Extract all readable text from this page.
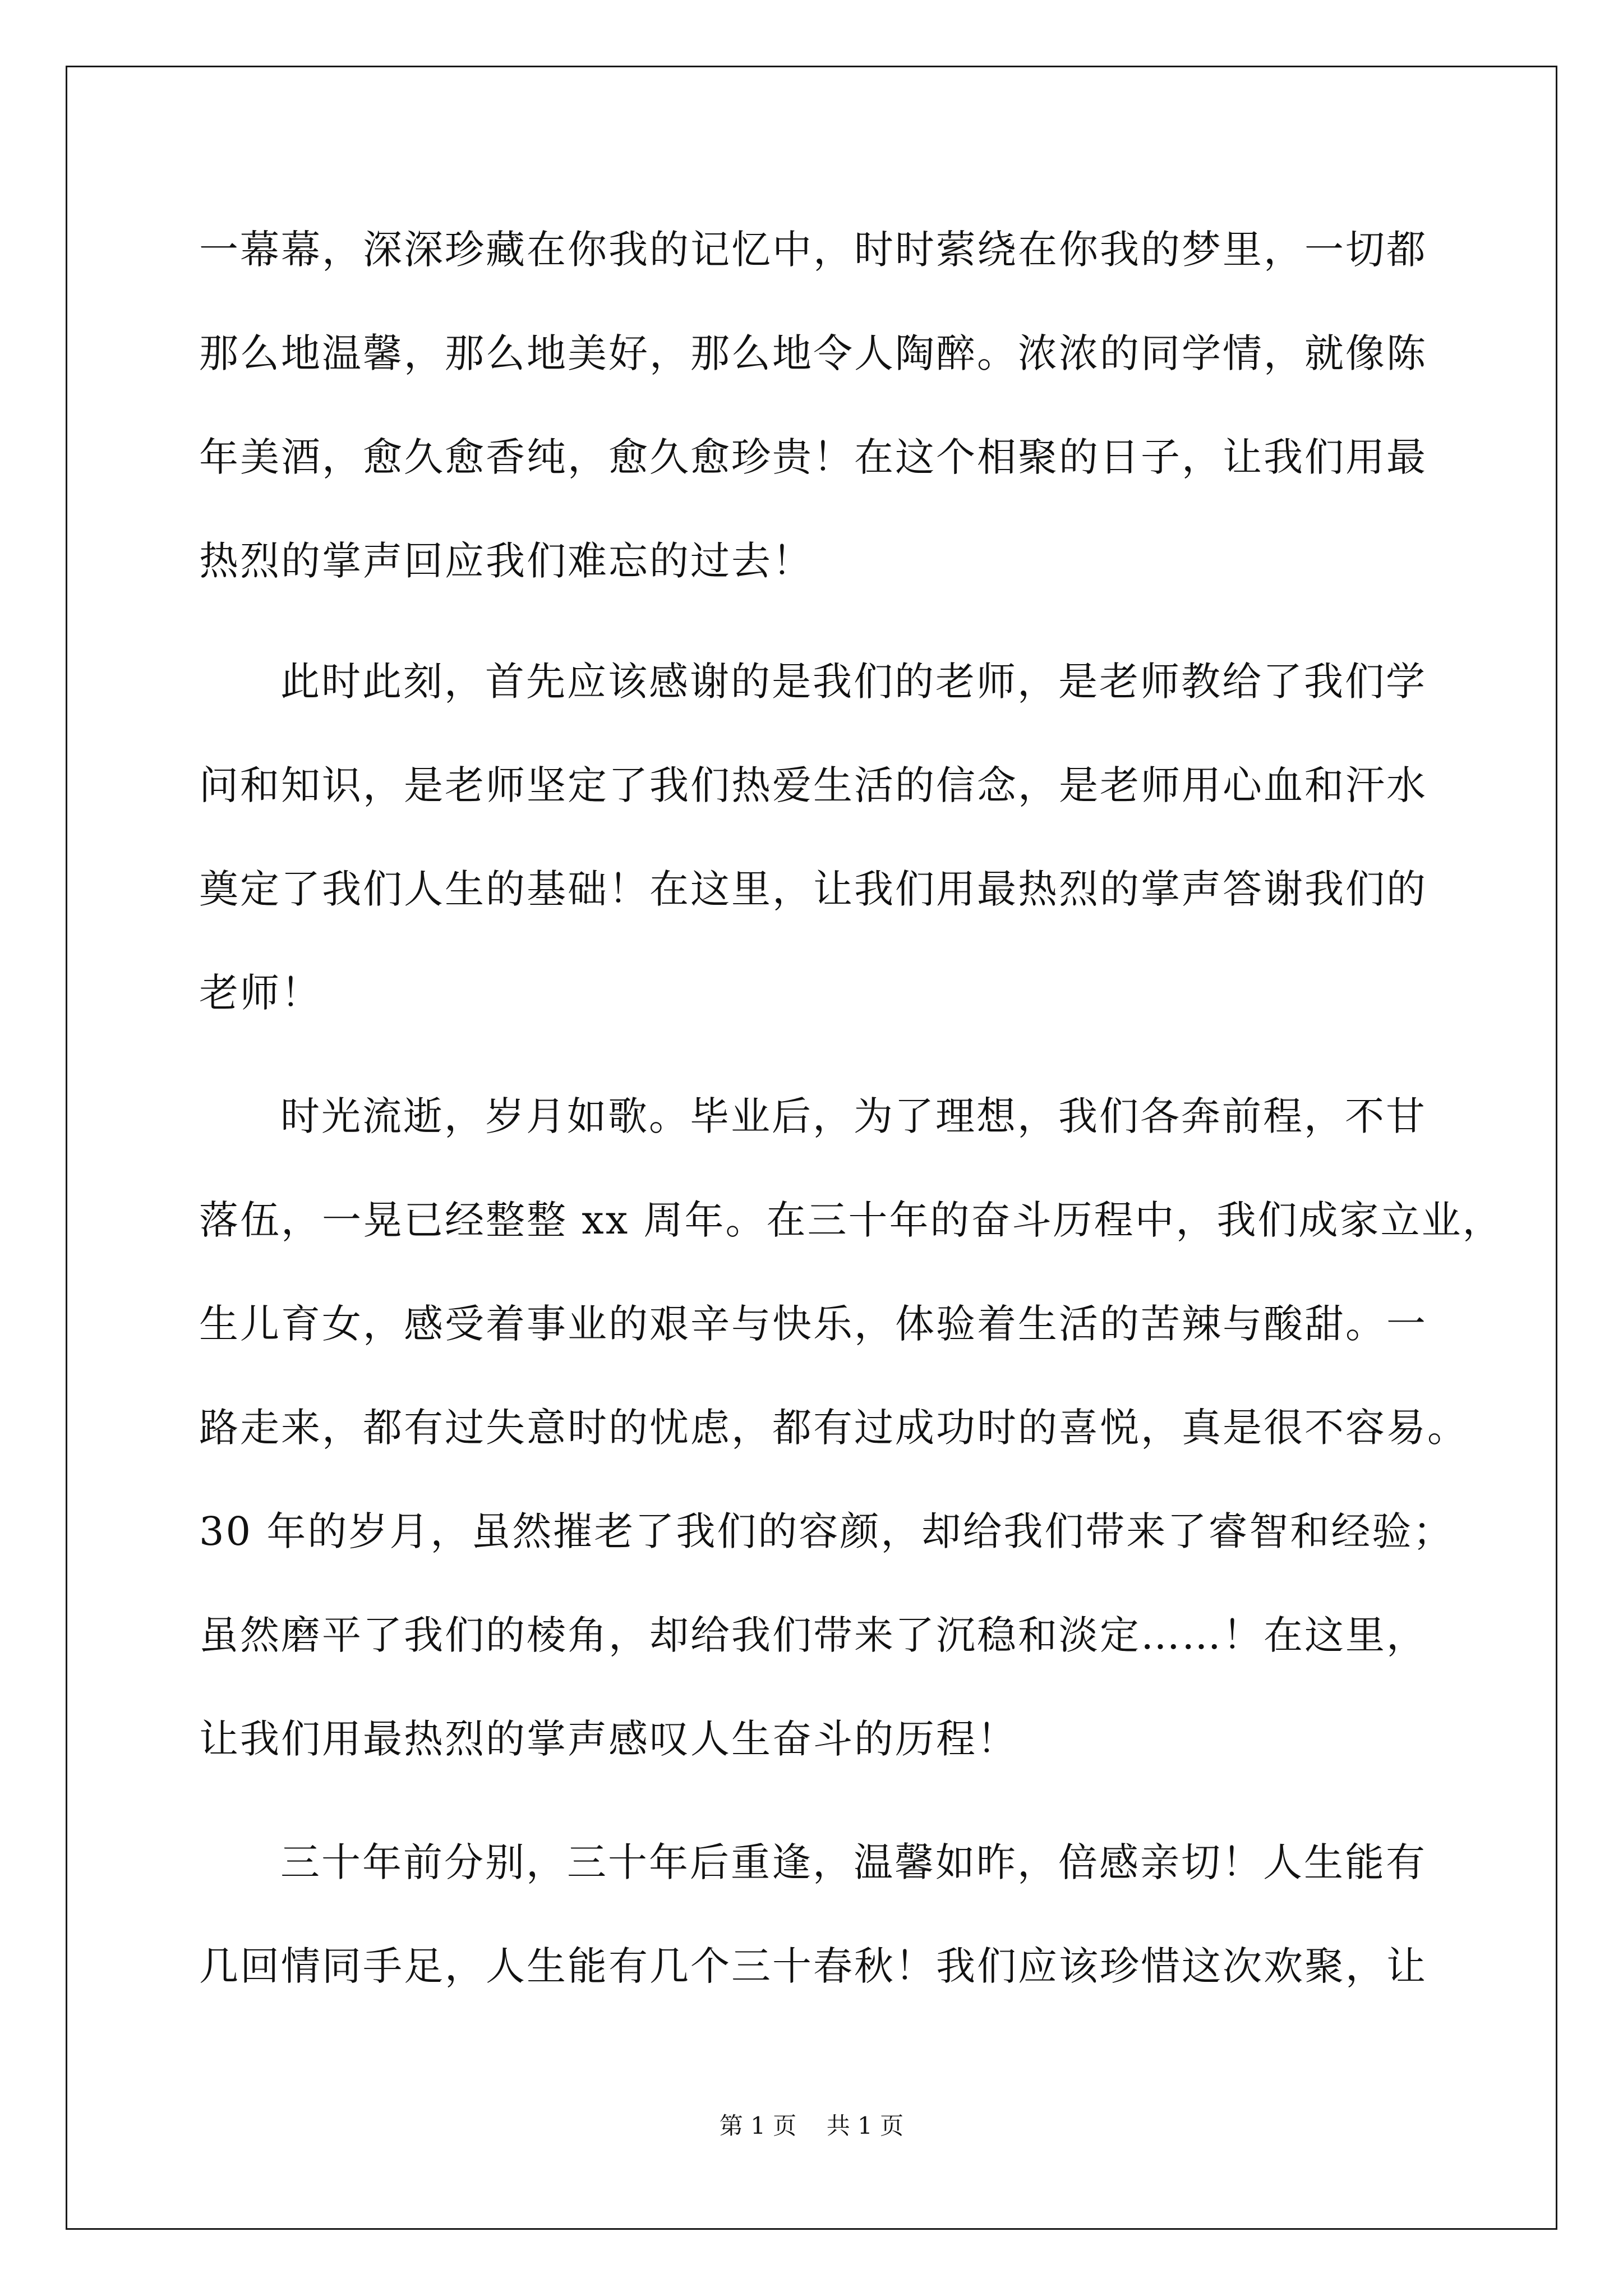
一幕幕，深深珍藏在你我的记忆中，时时萦绕在你我的梦里，一切都
那么地温馨，那么地美好，那么地令人陶醉。浓浓的同学情，就像陈
年美酒，愈久愈香纯，愈久愈珍贵！在这个相聚的日子，让我们用最
热烈的掌声回应我们难忘的过去！
此时此刻，首先应该感谢的是我们的老师，是老师教给了我们学
问和知识，是老师坚定了我们热爱生活的信念，是老师用心血和汗水
奠定了我们人生的基础！在这里，让我们用最热烈的掌声答谢我们的
老师！
时光流逝，岁月如歌。毕业后，为了理想，我们各奔前程，不甘
落伍，一晃已经整整 xx 周年。在三十年的奋斗历程中，我们成家立业，
生儿育女，感受着事业的艰辛与快乐，体验着生活的苦辣与酸甜。一
路走来，都有过失意时的忧虑，都有过成功时的喜悦，真是很不容易。
30 年的岁月，虽然摧老了我们的容颜，却给我们带来了睿智和经验；
虽然磨平了我们的棱角，却给我们带来了沉稳和淡定……！在这里，
让我们用最热烈的掌声感叹人生奋斗的历程！
三十年前分别，三十年后重逢，温馨如昨，倍感亲切！人生能有
几回情同手足，人生能有几个三十春秋！我们应该珍惜这次欢聚，让
第 1 页 共 1 页
